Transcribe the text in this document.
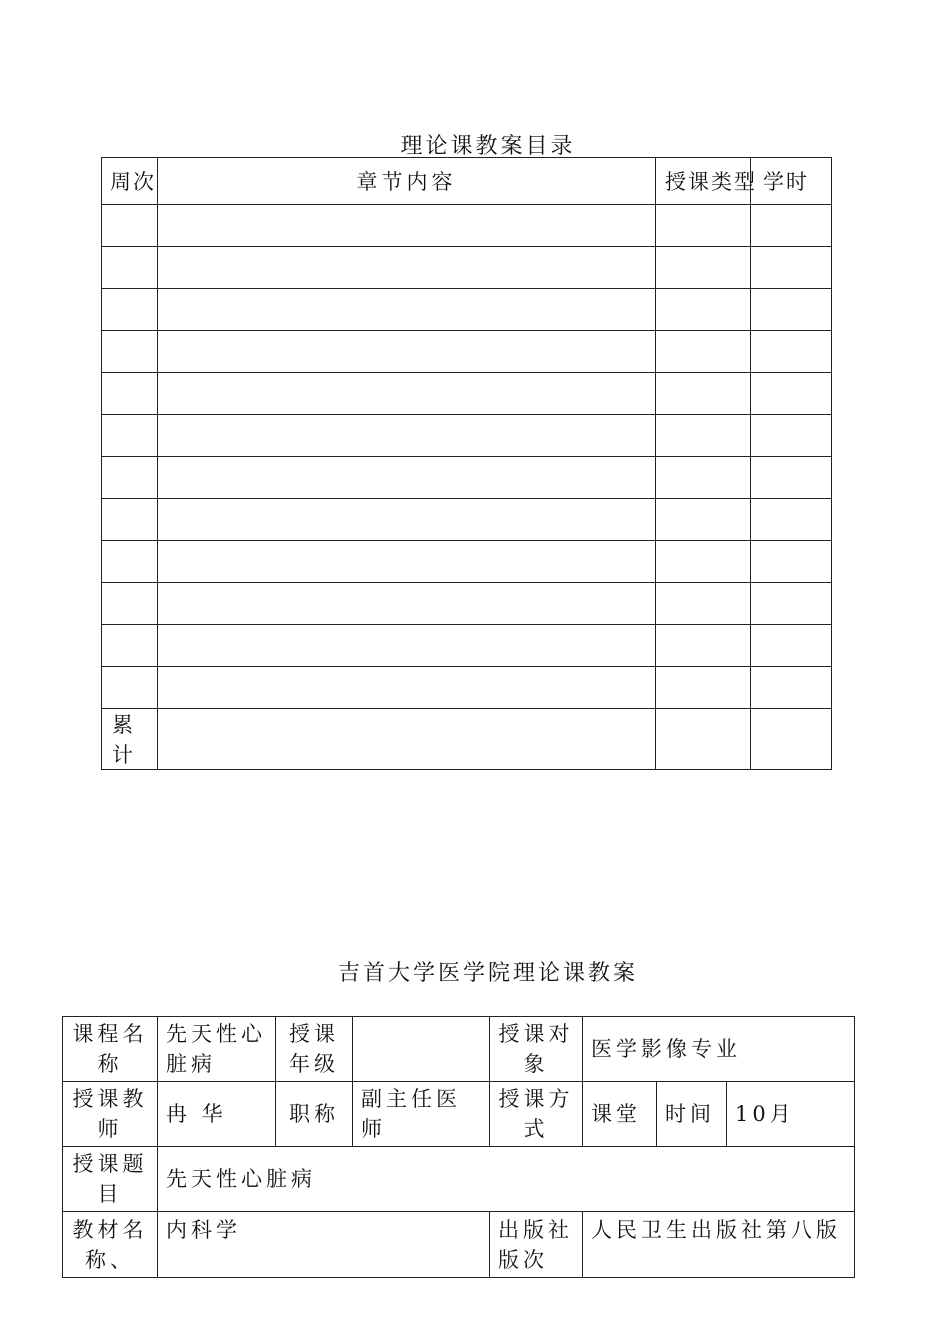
理论课教案目录
周次	章节内容	授课类型	学时

累计			
吉首大学医学院理论课教案
课程名称	先天性心脏病	授课年级		授课对象	医学影像专业		
授课教师	冉 华	职称	副主任医师	授课方式	课堂	时间	10月
授课题目	先天性心脏病						
教材名称、	内科学			出版社版次	人民卫生出版社第八版		
